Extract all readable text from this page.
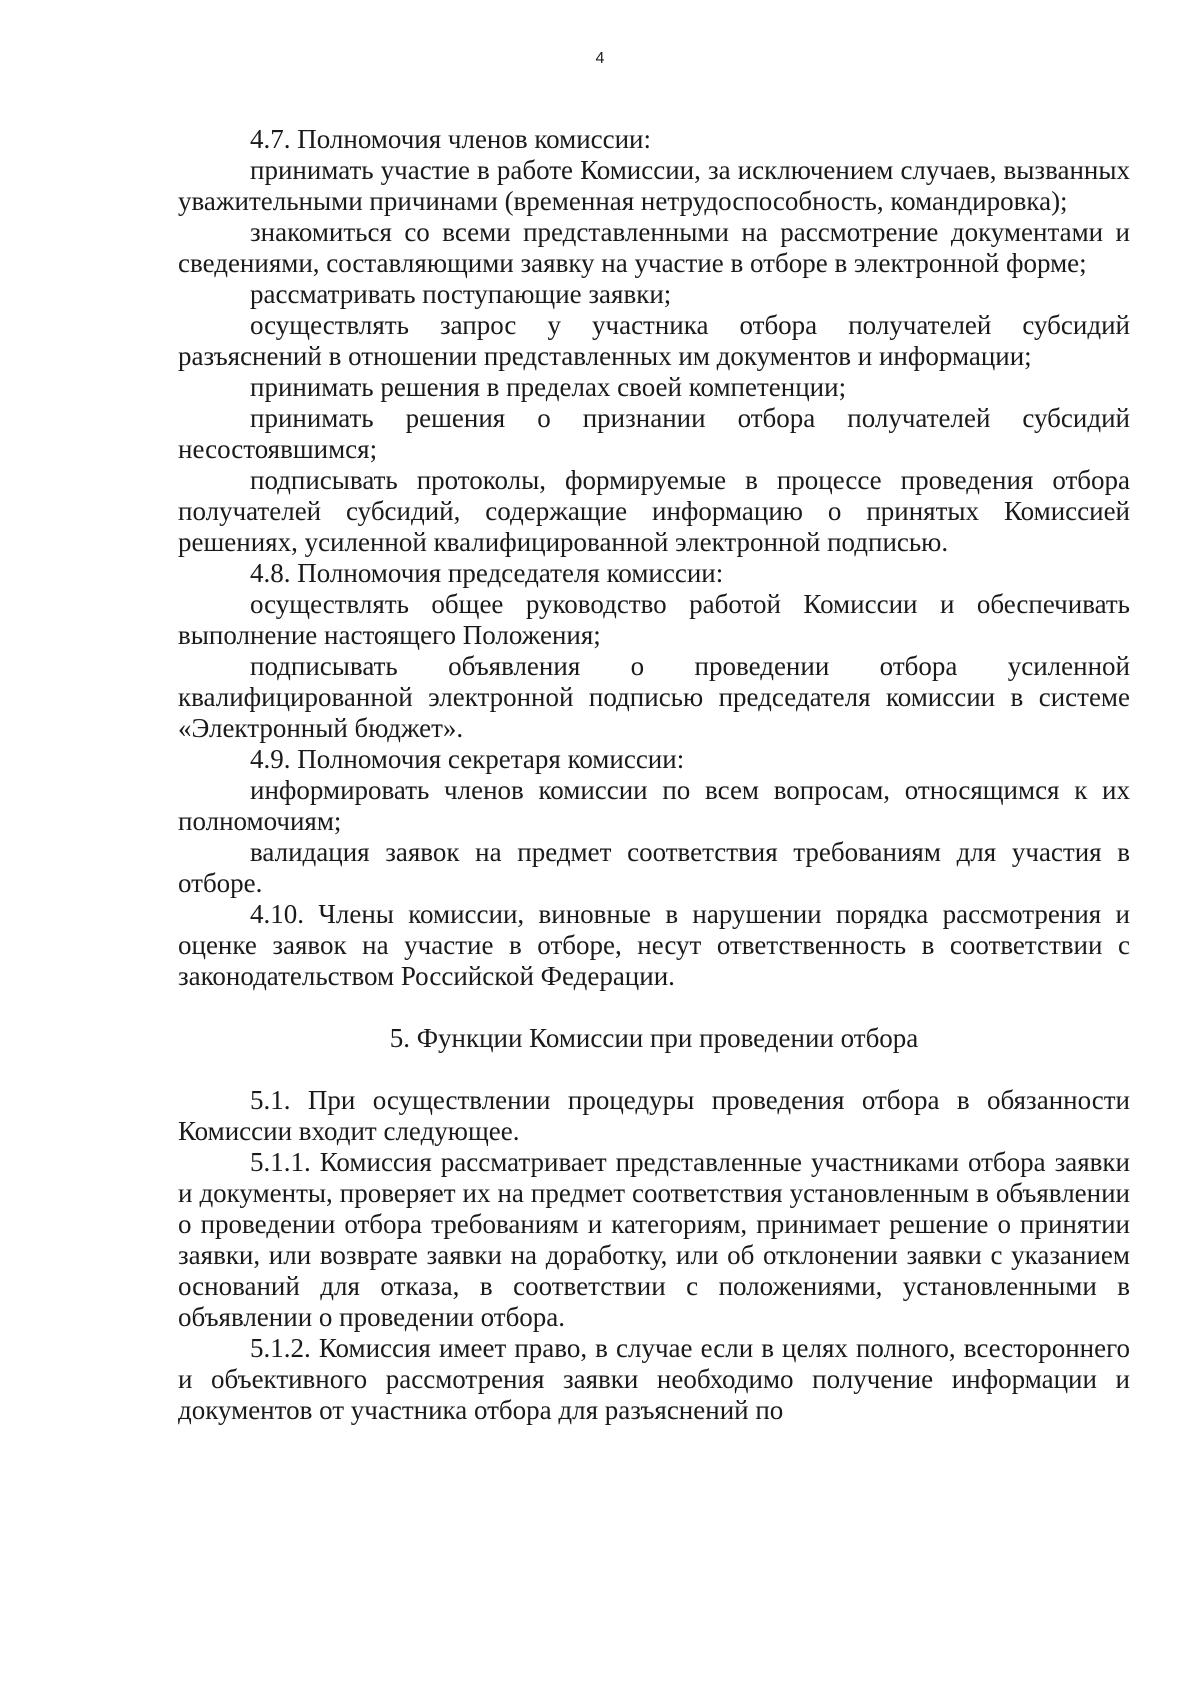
4

4.7. Полномочия членов комиссии:

принимать участие в работе Комиссии, за исключением случаев, вызванных уважительными причинами (временная нетрудоспособность, командировка);

знакомиться со всеми представленными на рассмотрение документами и сведениями, составляющими заявку на участие в отборе в электронной форме;

рассматривать поступающие заявки;

осуществлять запрос у участника отбора получателей субсидий разъяснений в отношении представленных им документов и информации;

принимать решения в пределах своей компетенции;

принимать решения о признании отбора получателей субсидий несостоявшимся;

подписывать протоколы, формируемые в процессе проведения отбора получателей субсидий, содержащие информацию о принятых Комиссией решениях, усиленной квалифицированной электронной подписью.

4.8. Полномочия председателя комиссии:

осуществлять общее руководство работой Комиссии и обеспечивать выполнение настоящего Положения;

подписывать объявления о проведении отбора усиленной квалифицированной электронной подписью председателя комиссии в системе «Электронный бюджет».

4.9. Полномочия секретаря комиссии:

информировать членов комиссии по всем вопросам, относящимся к их полномочиям;

валидация заявок на предмет соответствия требованиям для участия в отборе.

4.10. Члены комиссии, виновные в нарушении порядка рассмотрения и оценке заявок на участие в отборе, несут ответственность в соответствии с законодательством Российской Федерации.

5. Функции Комиссии при проведении отбора

5.1. При осуществлении процедуры проведения отбора в обязанности Комиссии входит следующее.

5.1.1. Комиссия рассматривает представленные участниками отбора заявки и документы, проверяет их на предмет соответствия установленным в объявлении о проведении отбора требованиям и категориям, принимает решение о принятии заявки, или возврате заявки на доработку, или об отклонении заявки с указанием оснований для отказа, в соответствии с положениями, установленными в объявлении о проведении отбора.

5.1.2. Комиссия имеет право, в случае если в целях полного, всестороннего и объективного рассмотрения заявки необходимо получение информации и документов от участника отбора для разъяснений по
